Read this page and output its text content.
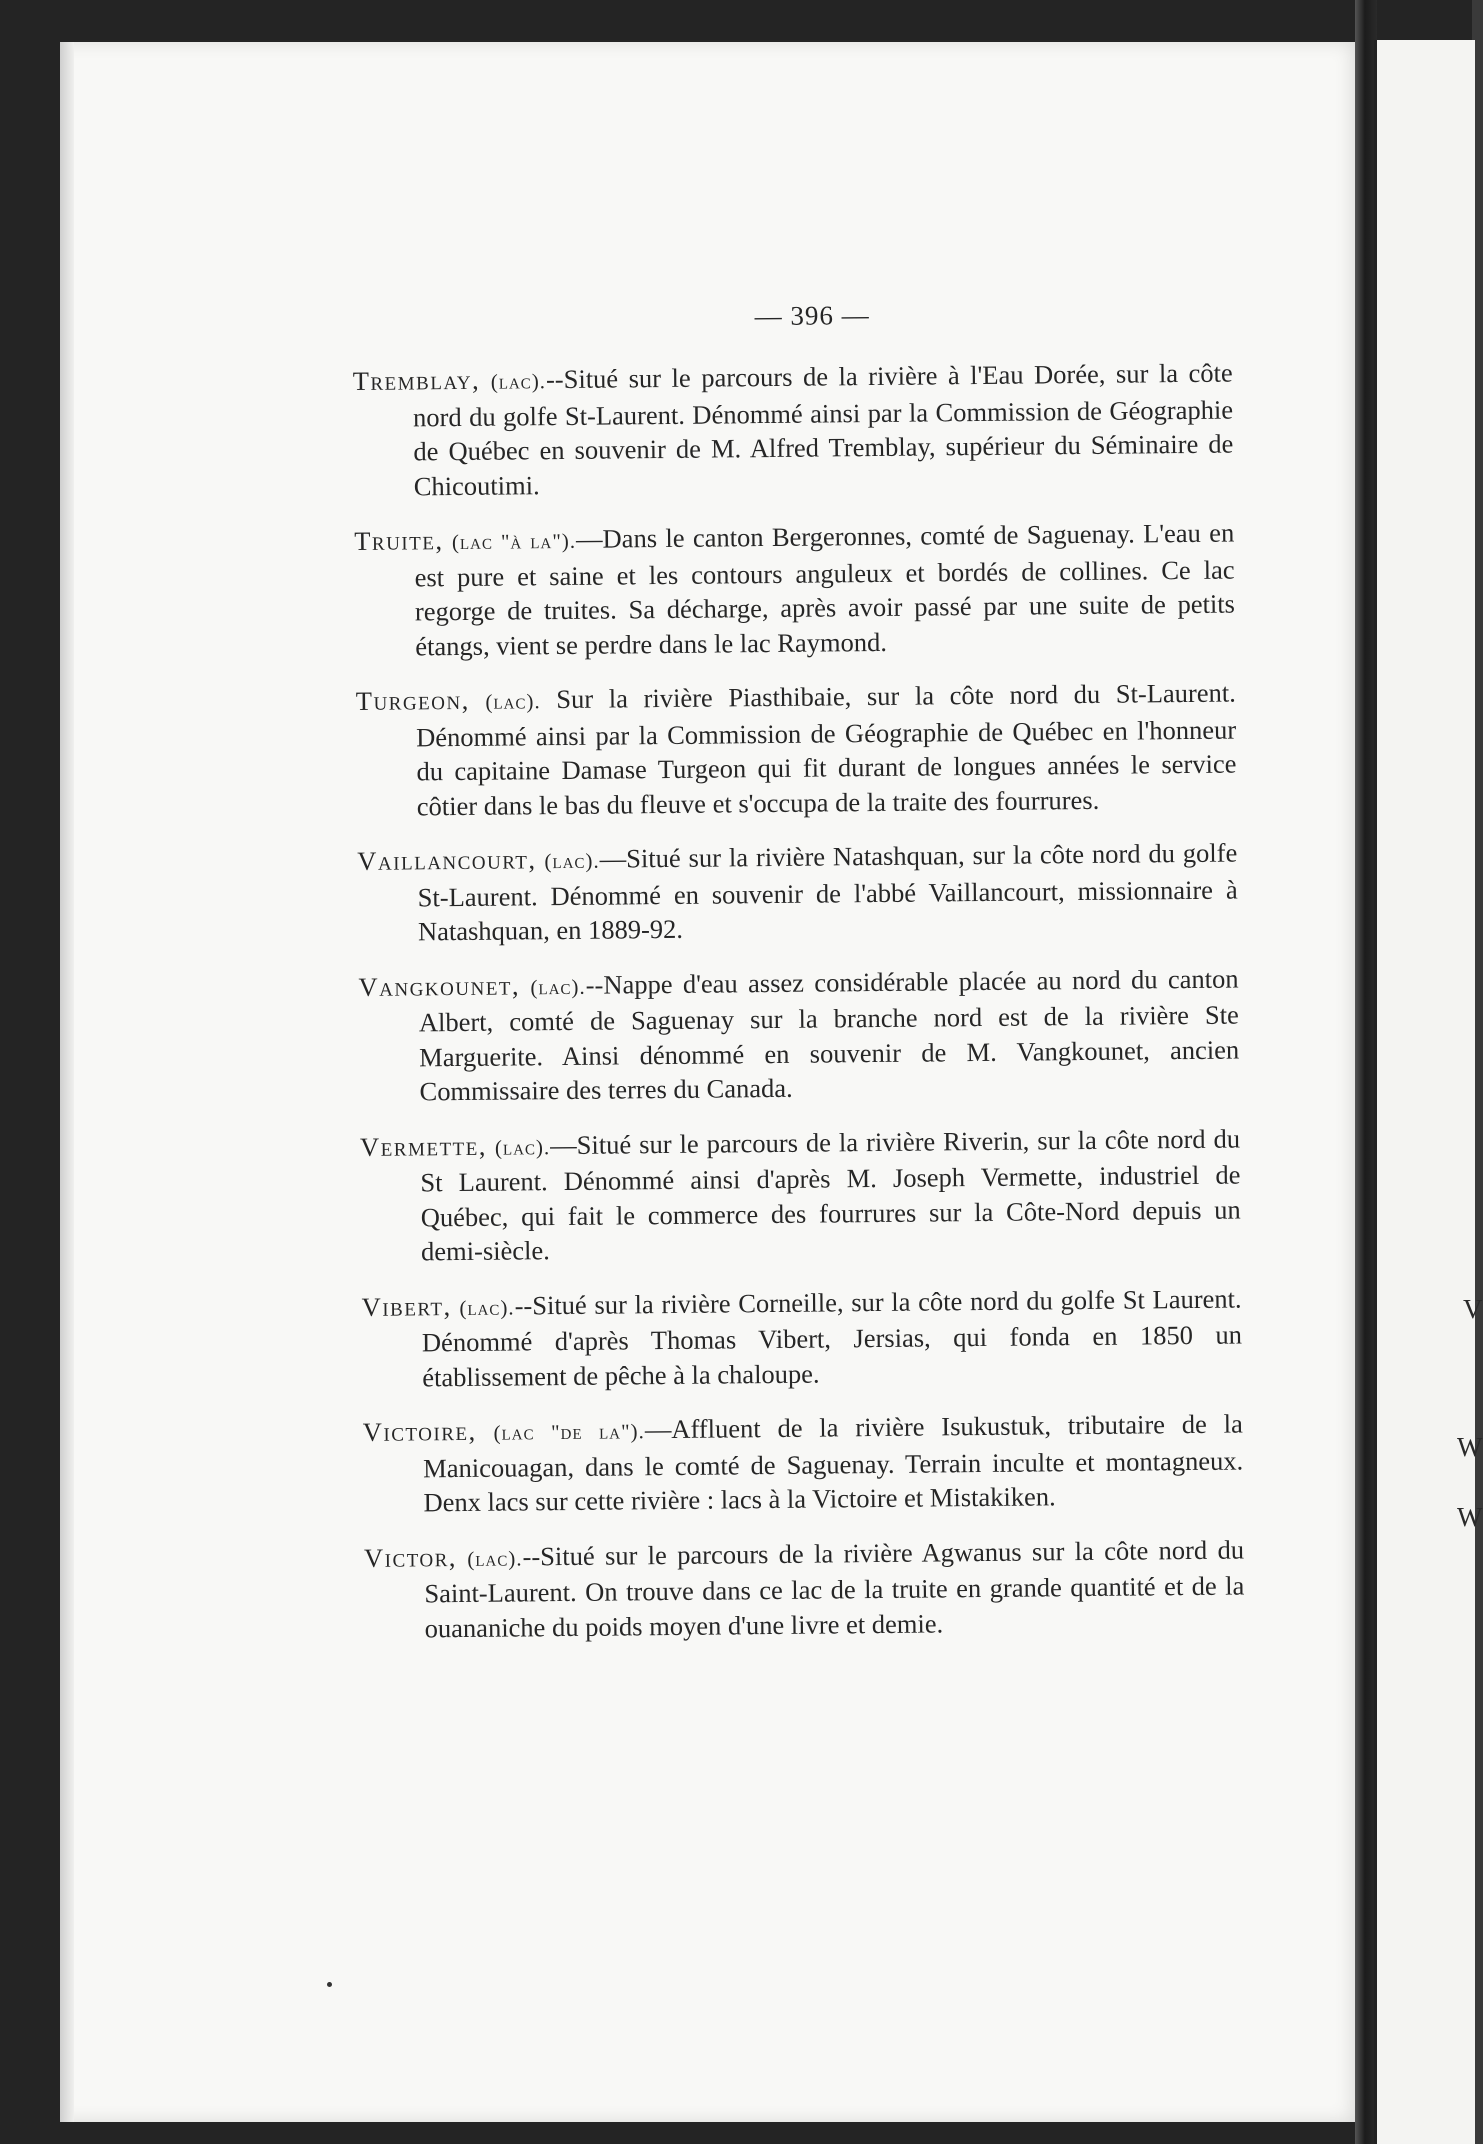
V
W
W
— 396 —

Tremblay, (lac).--Situé sur le parcours de la rivière à l'Eau Dorée, sur la côte nord du golfe St-Laurent. Dénommé ainsi par la Commission de Géographie de Québec en souvenir de M. Alfred Tremblay, supérieur du Séminaire de Chicoutimi.

Truite, (lac "à la").—Dans le canton Bergeronnes, comté de Saguenay. L'eau en est pure et saine et les contours anguleux et bordés de collines. Ce lac regorge de truites. Sa décharge, après avoir passé par une suite de petits étangs, vient se perdre dans le lac Raymond.

Turgeon, (lac). Sur la rivière Piasthibaie, sur la côte nord du St-Laurent. Dénommé ainsi par la Commission de Géographie de Québec en l'honneur du capitaine Damase Turgeon qui fit durant de longues années le service côtier dans le bas du fleuve et s'occupa de la traite des fourrures.

Vaillancourt, (lac).—Situé sur la rivière Natashquan, sur la côte nord du golfe St-Laurent. Dénommé en souvenir de l'abbé Vaillancourt, missionnaire à Natashquan, en 1889-92.

Vangkounet, (lac).--Nappe d'eau assez considérable placée au nord du canton Albert, comté de Saguenay sur la branche nord est de la rivière Ste Marguerite. Ainsi dénommé en souvenir de M. Vangkounet, ancien Commissaire des terres du Canada.

Vermette, (lac).—Situé sur le parcours de la rivière Riverin, sur la côte nord du St Laurent. Dénommé ainsi d'après M. Joseph Vermette, industriel de Québec, qui fait le commerce des fourrures sur la Côte-Nord depuis un demi-siècle.

Vibert, (lac).--Situé sur la rivière Corneille, sur la côte nord du golfe St Laurent. Dénommé d'après Thomas Vibert, Jersias, qui fonda en 1850 un établissement de pêche à la chaloupe.

Victoire, (lac "de la").—Affluent de la rivière Isukustuk, tributaire de la Manicouagan, dans le comté de Saguenay. Terrain inculte et montagneux. Denx lacs sur cette rivière : lacs à la Victoire et Mistakiken.

Victor, (lac).--Situé sur le parcours de la rivière Agwanus sur la côte nord du Saint-Laurent. On trouve dans ce lac de la truite en grande quantité et de la ouananiche du poids moyen d'une livre et demie.
